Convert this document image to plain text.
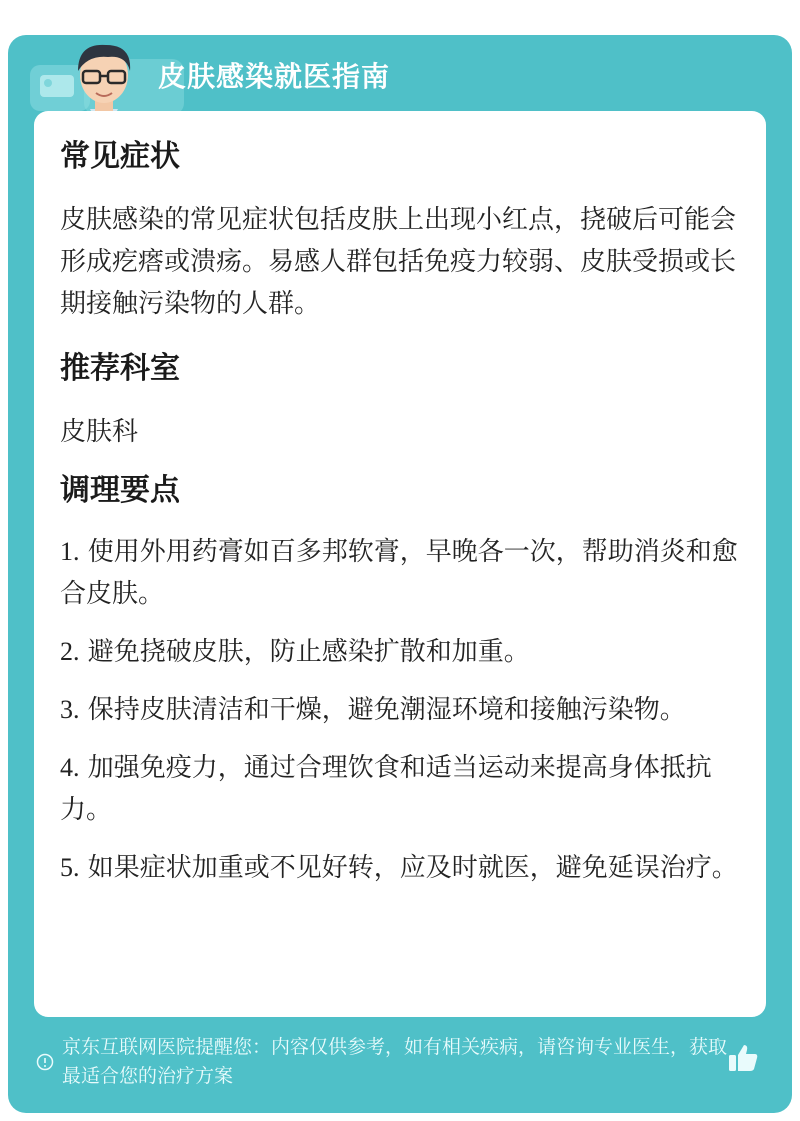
皮肤感染就医指南
常见症状
皮肤感染的常见症状包括皮肤上出现小红点，挠破后可能会形成疙瘩或溃疡。易感人群包括免疫力较弱、皮肤受损或长期接触污染物的人群。
推荐科室
皮肤科
调理要点
1. 使用外用药膏如百多邦软膏，早晚各一次，帮助消炎和愈合皮肤。
2. 避免挠破皮肤，防止感染扩散和加重。
3. 保持皮肤清洁和干燥，避免潮湿环境和接触污染物。
4. 加强免疫力，通过合理饮食和适当运动来提高身体抵抗力。
5. 如果症状加重或不见好转，应及时就医，避免延误治疗。
京东互联网医院提醒您：内容仅供参考，如有相关疾病，请咨询专业医生，获取最适合您的治疗方案
